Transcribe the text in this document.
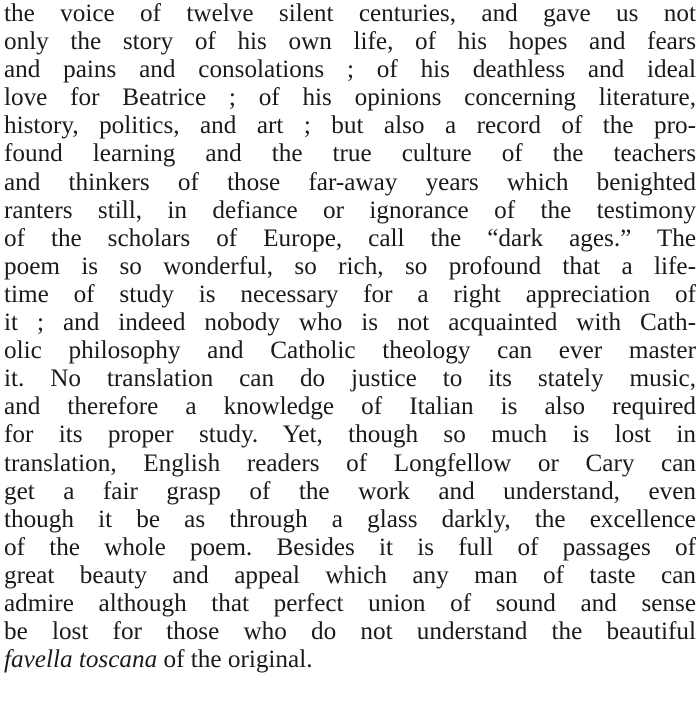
the voice of twelve silent centuries, and gave us not
only the story of his own life, of his hopes and fears
and pains and consolations ; of his deathless and ideal
love for Beatrice ; of his opinions concerning literature,
history, politics, and art ; but also a record of the pro-
found learning and the true culture of the teachers
and thinkers of those far-away years which benighted
ranters still, in defiance or ignorance of the testimony
of the scholars of Europe, call the “dark ages.” The
poem is so wonderful, so rich, so profound that a life-
time of study is necessary for a right appreciation of
it ; and indeed nobody who is not acquainted with Cath-
olic philosophy and Catholic theology can ever master
it. No translation can do justice to its stately music,
and therefore a knowledge of Italian is also required
for its proper study. Yet, though so much is lost in
translation, English readers of Longfellow or Cary can
get a fair grasp of the work and understand, even
though it be as through a glass darkly, the excellence
of the whole poem. Besides it is full of passages of
great beauty and appeal which any man of taste can
admire although that perfect union of sound and sense
be lost for those who do not understand the beautiful
favella toscana of the original.
